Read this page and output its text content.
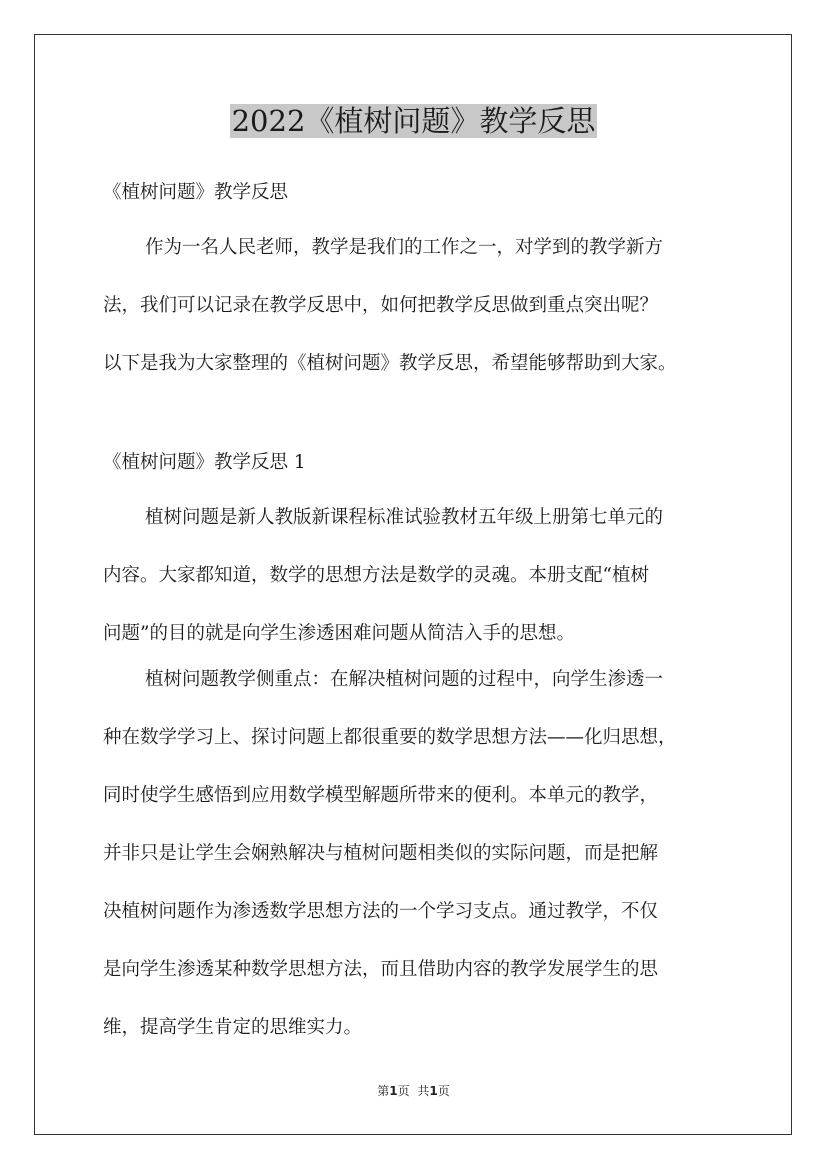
2022《植树问题》教学反思

《植树问题》教学反思

作为一名人民老师，教学是我们的工作之一，对学到的教学新方
法，我们可以记录在教学反思中，如何把教学反思做到重点突出呢？
以下是我为大家整理的《植树问题》教学反思，希望能够帮助到大家。

《植树问题》教学反思 1

植树问题是新人教版新课程标准试验教材五年级上册第七单元的
内容。大家都知道，数学的思想方法是数学的灵魂。本册支配“植树
问题”的目的就是向学生渗透困难问题从简洁入手的思想。

植树问题教学侧重点：在解决植树问题的过程中，向学生渗透一
种在数学学习上、探讨问题上都很重要的数学思想方法——化归思想，
同时使学生感悟到应用数学模型解题所带来的便利。本单元的教学，
并非只是让学生会娴熟解决与植树问题相类似的实际问题，而是把解
决植树问题作为渗透数学思想方法的一个学习支点。通过教学，不仅
是向学生渗透某种数学思想方法，而且借助内容的教学发展学生的思
维，提高学生肯定的思维实力。

第1页 共1页
